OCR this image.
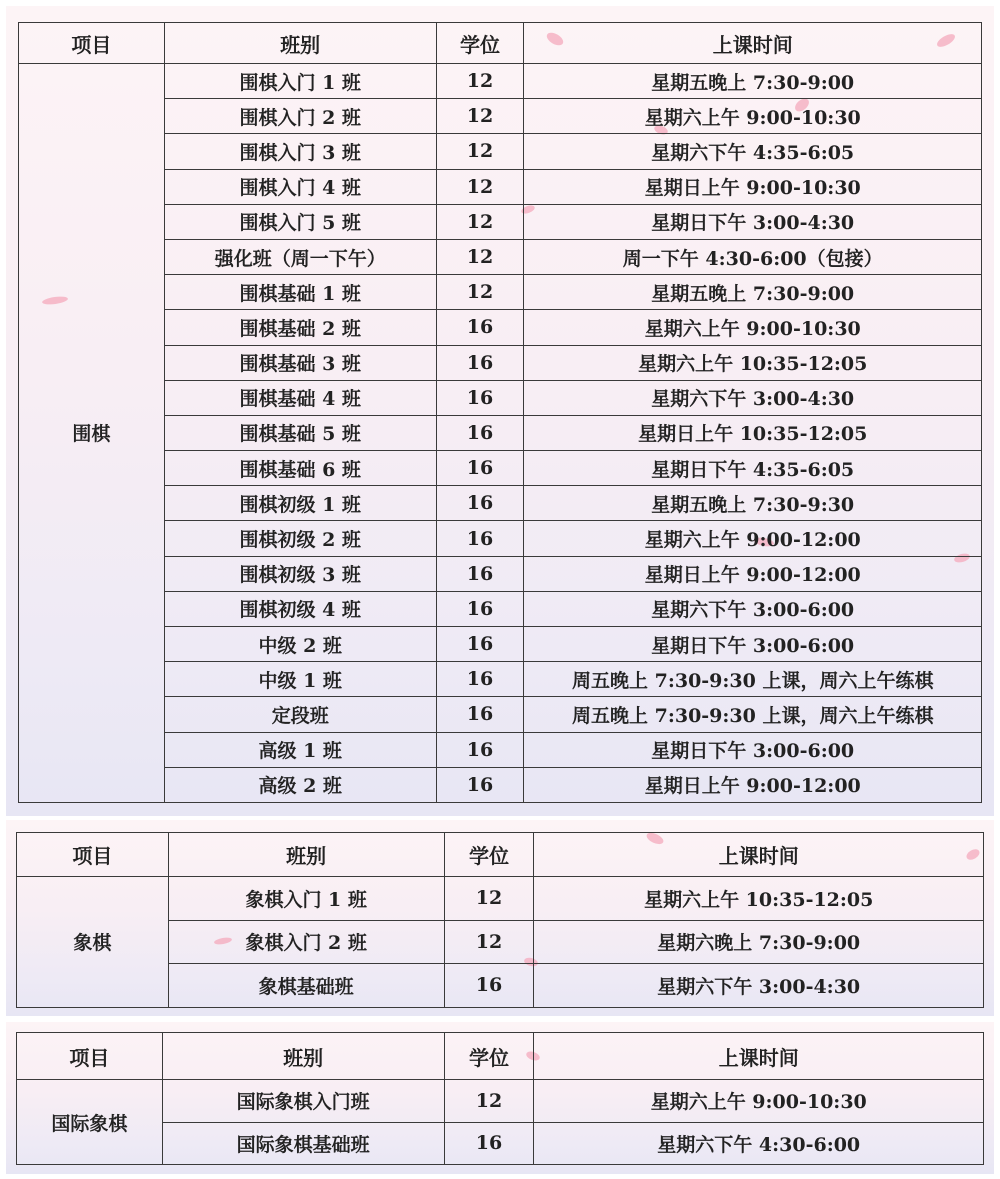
项目	班别	学位	上课时间
围棋	围棋入门 1 班	12	星期五晚上 7:30-9:00
	围棋入门 2 班	12	星期六上午 9:00-10:30
	围棋入门 3 班	12	星期六下午 4:35-6:05
	围棋入门 4 班	12	星期日上午 9:00-10:30
	围棋入门 5 班	12	星期日下午 3:00-4:30
	强化班（周一下午）	12	周一下午 4:30-6:00（包接）
	围棋基础 1 班	12	星期五晚上 7:30-9:00
	围棋基础 2 班	16	星期六上午 9:00-10:30
	围棋基础 3 班	16	星期六上午 10:35-12:05
	围棋基础 4 班	16	星期六下午 3:00-4:30
	围棋基础 5 班	16	星期日上午 10:35-12:05
	围棋基础 6 班	16	星期日下午 4:35-6:05
	围棋初级 1 班	16	星期五晚上 7:30-9:30
	围棋初级 2 班	16	星期六上午 9:00-12:00
	围棋初级 3 班	16	星期日上午 9:00-12:00
	围棋初级 4 班	16	星期六下午 3:00-6:00
	中级 2 班	16	星期日下午 3:00-6:00
	中级 1 班	16	周五晚上 7:30-9:30 上课，周六上午练棋
	定段班	16	周五晚上 7:30-9:30 上课，周六上午练棋
	高级 1 班	16	星期日下午 3:00-6:00
	高级 2 班	16	星期日上午 9:00-12:00
项目	班别	学位	上课时间
象棋	象棋入门 1 班	12	星期六上午 10:35-12:05
	象棋入门 2 班	12	星期六晚上 7:30-9:00
	象棋基础班	16	星期六下午 3:00-4:30
项目	班别	学位	上课时间
国际象棋	国际象棋入门班	12	星期六上午 9:00-10:30
	国际象棋基础班	16	星期六下午 4:30-6:00
